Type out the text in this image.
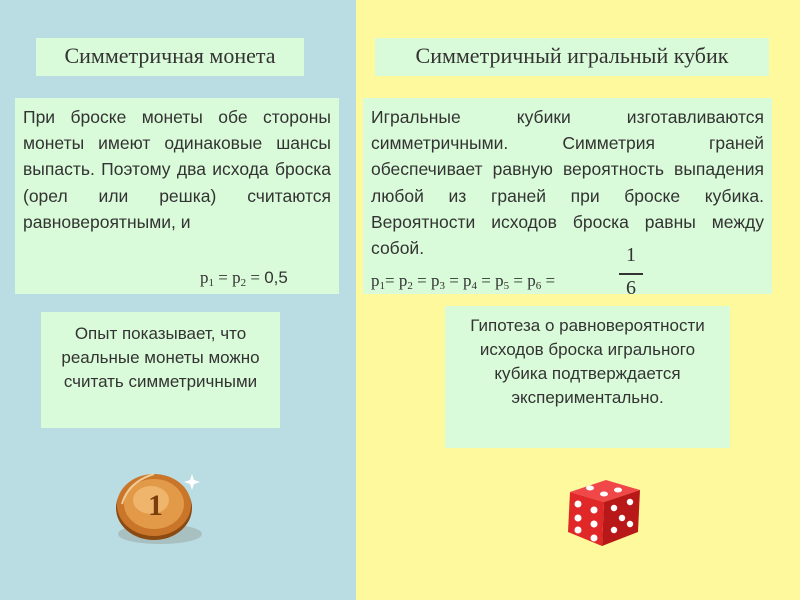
Симметричная монета
При броске монеты обе стороны монеты имеют одинаковые шансы выпасть. Поэтому два исхода броска (орел или решка) считаются равновероятными, и
$p_1 = p_2 = 0,5$
Опыт показывает, что реальные монеты можно считать симметричными
Симметричный игральный кубик
Игральные кубики изготавливаются симметричными. Симметрия граней обеспечивает равную вероятность выпадения любой из граней при броске кубика. Вероятности исходов броска равны между собой.
$p_1= p_2 = p_3 = p_4 = p_5 = p_6$ =
1
6
Гипотеза о равновероятности исходов броска игрального кубика подтверждается экспериментально.
1
